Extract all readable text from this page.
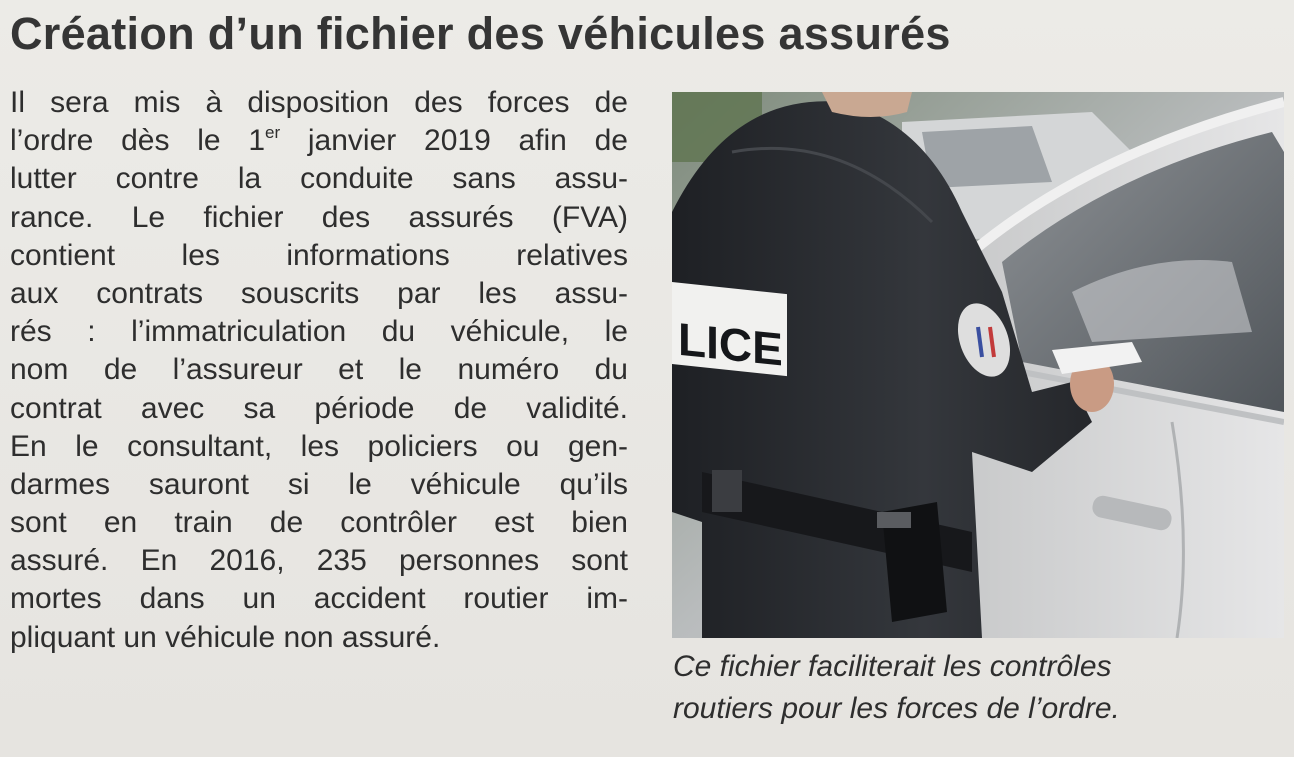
Création d’un fichier des véhicules assurés
Il sera mis à disposition des forces de
l’ordre dès le 1er janvier 2019 afin de
lutter contre la conduite sans assu-
rance. Le fichier des assurés (FVA)
contient les informations relatives
aux contrats souscrits par les assu-
rés : l’immatriculation du véhicule, le
nom de l’assureur et le numéro du
contrat avec sa période de validité.
En le consultant, les policiers ou gen-
darmes sauront si le véhicule qu’ils
sont en train de contrôler est bien
assuré. En 2016, 235 personnes sont
mortes dans un accident routier im-
pliquant un véhicule non assuré.
LICE
Ce fichier faciliterait les contrôles
routiers pour les forces de l’ordre.
